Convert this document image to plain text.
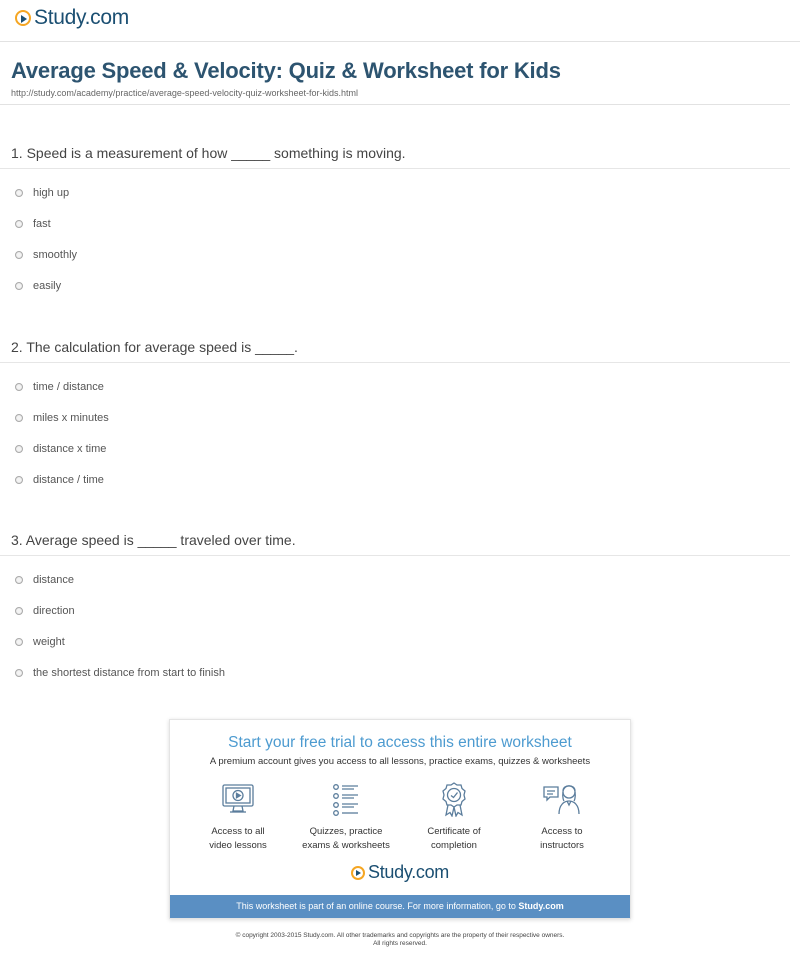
Study.com
Average Speed & Velocity: Quiz & Worksheet for Kids
http://study.com/academy/practice/average-speed-velocity-quiz-worksheet-for-kids.html
1. Speed is a measurement of how _____ something is moving.
high up
fast
smoothly
easily
2. The calculation for average speed is _____.
time / distance
miles x minutes
distance x time
distance / time
3. Average speed is _____ traveled over time.
distance
direction
weight
the shortest distance from start to finish
Start your free trial to access this entire worksheet
A premium account gives you access to all lessons, practice exams, quizzes & worksheets
Access to all
video lessons
Quizzes, practice
exams & worksheets
Certificate of
completion
Access to
instructors
Study.com
This worksheet is part of an online course. For more information, go to Study.com
© copyright 2003-2015 Study.com. All other trademarks and copyrights are the property of their respective owners.
All rights reserved.
